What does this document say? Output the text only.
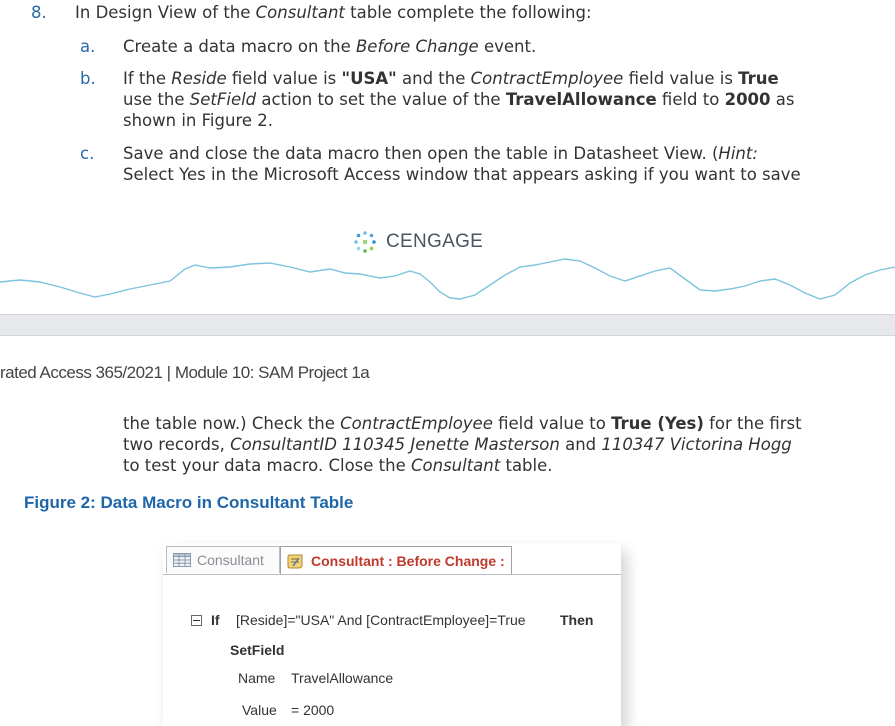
8. In Design View of the Consultant table complete the following:
a. Create a data macro on the Before Change event.
b. If the Reside field value is "USA" and the ContractEmployee field value is True
use the SetField action to set the value of the TravelAllowance field to 2000 as
shown in Figure 2.
c. Save and close the data macro then open the table in Datasheet View. (Hint:
Select Yes in the Microsoft Access window that appears asking if you want to save
CENGAGE
rated Access 365/2021 | Module 10: SAM Project 1a
the table now.) Check the ContractEmployee field value to True (Yes) for the first
two records, ConsultantID 110345 Jenette Masterson and 110347 Victorina Hogg
to test your data macro. Close the Consultant table.
Figure 2: Data Macro in Consultant Table
Consultant	Consultant : Before Change :
If [Reside]="USA" And [ContractEmployee]=True Then
SetField
Name TravelAllowance
Value = 2000
